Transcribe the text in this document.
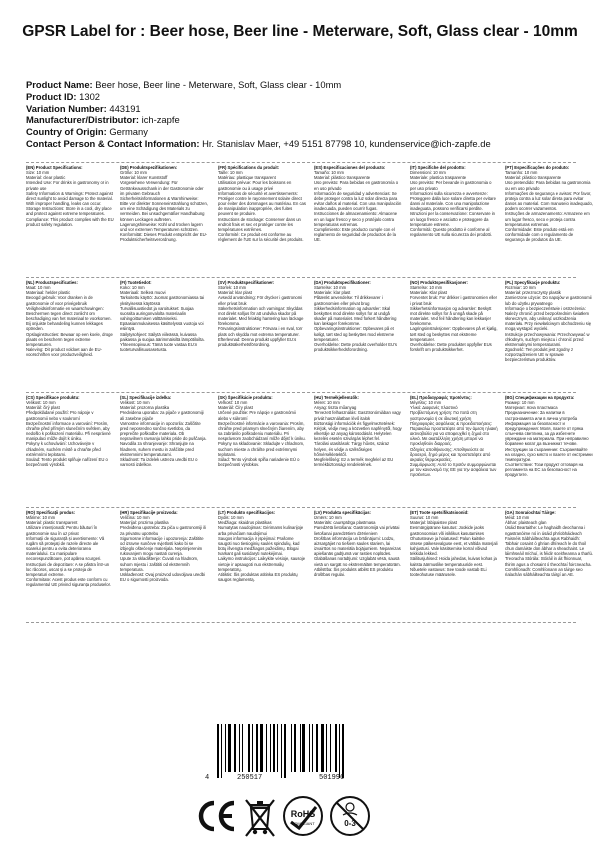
GPSR Label for : Beer hose, Beer line - Meterware, Soft, Glass clear - 10mm
Product Name: Beer hose, Beer line - Meterware, Soft, Glass clear - 10mm
Product ID: 1302
Variation Number: 443191
Manufacturer/Distributor: ich-zapfe
Country of Origin: Germany
Contact Person & Contact Information: Hr. Stanislav Maer, +49 5151 87798 10, kundenservice@ich-zapfe.de
(EN) Product Specifications:
Size: 10 mm
Material: clear plastic
Intended Use: For drinks in gastronomy or in private use
Safety Information & Warnings: Protect against direct sunlight to avoid damage to the material. With improper handling, leaks can occur.
Storage Instructions: Store in a cool, dry place and protect against extreme temperatures.
Compliance: This product complies with the EU product safety regulation.
(DE) Produktspezifikationen:
Größe: 10 mm
Material: klarer Kunststoff
Vorgesehene Verwendung: Für Getränkeausschank in der Gastronomie oder im privaten Gebrauch
Sicherheitsinformationen & Warnhinweise: Bitte vor direkter Sonneneinstrahlung schützen, um eine Schädigung des Materials zu vermeiden. Bei unsachgemäßer Handhabung können Leckagen auftreten.
Lagerungshinweise: Kühl und trocken lagern und vor extremen Temperaturen schützen.
Konformität: Dieses Produkt entspricht der EU-Produktsicherheitsverordnung.
(FR) Spécifications du produit:
Taille: 10 mm
Matériau: plastique transparent
Utilisation prévue: Pour les boissons en gastronomie ou à usage privé
Informations de sécurité et avertissements: Protéger contre le rayonnement solaire direct pour éviter des dommages au matériau. En cas de manipulation inappropriée, des fuites peuvent se produire.
Instructions de stockage: Conserver dans un endroit frais et sec et protéger contre les températures extrêmes.
Conformité: Ce produit est conforme au règlement de l'UE sur la sécurité des produits.
(ES) Especificaciones del producto:
Tamaño: 10 mm
Material: plástico transparente
Uso previsto: Para bebidas en gastronomía o en uso privado
Información de seguridad y advertencias: Se debe proteger contra la luz solar directa para evitar daños al material. Con una manipulación inadecuada, pueden ocurrir fugas.
Instrucciones de almacenamiento: Almacene en un lugar fresco y seco y protéjalo contra temperaturas extremas.
Cumplimiento: Este producto cumple con el reglamento de seguridad de productos de la UE.
(IT) Specifiche del prodotto:
Dimensioni: 10 mm
Materiale: plastica trasparente
Uso previsto: Per bevande in gastronomia o per uso privato
Informazioni sulla sicurezza e avvertenze: Proteggere dalla luce solare diretta per evitare danni al materiale. Con una manipolazione inadeguata, possono verificarsi perdite.
Istruzioni per la conservazione: Conservare in un luogo fresco e asciutto e proteggere da temperature estreme.
Conformità: Questo prodotto è conforme al regolamento UE sulla sicurezza dei prodotti.
(PT) Especificações do produto:
Tamanho: 10 mm
Material: plástico transparente
Uso pretendido: Para bebidas na gastronomia ou em uso privado
Informações de segurança e avisos: Por favor, proteja contra a luz solar direta para evitar danos ao material. Com manuseio inadequado, podem ocorrer vazamentos.
Instruções de armazenamento: Armazene em um lugar fresco, seco e proteja contra temperaturas extremas.
Conformidade: Este produto está em conformidade com o regulamento de segurança de produtos da UE.
(NL) Productspecificaties:
Maat: 10 mm
Materiaal: helder plastic
Beoogd gebruik: Voor dranken in de gastronomie of voor privégebruik
Veiligheidsinformatie en waarschuwingen: Beschermen tegen direct zonlicht om beschadiging van het materiaal te voorkomen. Bij onjuiste behandeling kunnen lekkages optreden.
Opslaginstructies: Bewaar op een koele, droge plaats en bescherm tegen extreme temperaturen.
Naleving: Dit product voldoet aan de EU-voorschriften voor productveiligheid.
(FI) Tuotetiedot:
Koko: 10 mm
Materiaali: Selkeä muovi
Tarkoitettu käyttö: Juomat gastronomiassa tai yksityisessä käytössä
Turvallisuustiedot ja varoitukset: Suojaa suoralta auringonvalolta materiaalin vahingoittumisen välttämiseksi. Epäasianmukaisessa käsittelyssä vuotoja voi esiintyä.
Säilytysohjeet: Säilytä viileässä, kuivassa paikassa ja suojaa äärimmäisiltä lämpötiloilta.
Yhteensopivuus: Tämä tuote vastaa EU:n tuoteturvallisuusasetusta.
(SV) Produktspecifikationer:
Storlek: 10 mm
Material: klar plast
Avsedd användning: För drycker i gastronomi eller privat bruk
Säkerhetsinformation och varningar: Skyddas mot direkt solljus för att undvika skador på materialet. Med felaktig hantering kan läckage förekomma.
Förvaringsinstruktioner: Förvara i en sval, torr plats och skydda mot extrema temperaturer.
Efterlevnad: Denna produkt uppfyller EU:s produktsäkerhetsförordning.
(DA) Produktspecifikationer:
Størrelse: 10 mm
Materiale: klar plast
Påtænkt anvendelse: Til drikkevarer i gastronomien eller privat brug
Sikkerhedsinformation og advarsler: Skal beskyttes mod direkte sollys for at undgå skader på materialet. Med forkert håndtering kan lækager forekomme.
Opbevaringsinstruktioner: Opbevares på et køligt, tørt sted og beskyttes mod ekstreme temperaturer.
Overholdelse: Dette produkt overholder EU's produktsikkerhedsforordning.
(NO) Produktspesifikasjoner:
Størrelse: 10 mm
Materiale: Klar plast
Forventet bruk: For drikker i gastronomien eller i privat bruk
Sikkerhetsinformasjon og advarsler: Beskytt mot direkte sollys for å unngå skade på materialet. Ved feil håndtering kan lekkasjer forekomme.
Lagringsinstruksjoner: Oppbevares på et kjølig, tørt sted og beskyttes mot ekstreme temperaturer.
Overholdelse: Dette produktet oppfyller EUs forskrift om produktsikkerhet.
(PL) Specyfikacje produktu:
Rozmiar: 10 mm
Materiał: przezroczysty plastik
Zamierzone użycie: Do napojów w gastronomii lub do użytku prywatnego
Informacje o bezpieczeństwie i ostrzeżenia: Należy chronić przed bezpośrednim światłem słonecznym, aby uniknąć uszkodzenia materiału. Przy niewłaściwym obchodzeniu się mogą wystąpić wycieki.
Instrukcje przechowywania: Przechowywać w chłodnym, suchym miejscu i chronić przed ekstremalnymi temperaturami.
Zgodność: Ten produkt jest zgodny z rozporządzeniem UE w sprawie bezpieczeństwa produktów.
(CS) Specifikace produktu:
Velikost: 10 mm
Materiál: čirý plast
Předpokládané použití: Pro nápoje v gastronomii nebo v soukromí
Bezpečnostní informace a varování: Prosím, chraňte před přímým slunečním světlem, aby nedošlo k poškození materiálu. Při nesprávné manipulaci může dojít k úniku.
Pokyny k uchovávání: Uchovávejte v chladném, suchém místě a chraňte před extrémními teplotami.
Soulad: Tento produkt splňuje nařízení EU o bezpečnosti výrobků.
(SL) Specifikacije izdelka:
Velikost: 10 mm
Material: prozorna plastika
Predvidena uporaba: za pijače v gastronomiji ali zasebne pijače
Varnostne informacije in opozorila: Zaščitite pred neposredno sončno svetlobo, da preprečite poškodbe materiala. Ob nepravilnem ravnanju lahko pride do puščanja.
Navodila za shranjevanje: Shranjujte na hladnem, suhem mestu in zaščitite pred ekstremnimi temperaturami.
Skladnost: Ta izdelek ustreza uredbi EU o varnosti izdelkov.
(SK) Špecifikácie produktu:
Veľkosť: 10 mm
Materiál: Číry plast
Určené použitie: Pre nápoje v gastronómii alebo v súkromí
Bezpečnostné informácie a varovania: Prosím, chráňte pred priamym slnečným žiarením, aby sa zabránilo poškodeniu materiálu. Pri nesprávnom zaobchádzaní môže dôjsť k úniku.
Pokyny na skladovanie: Skladujte v chladnom, suchom mieste a chráňte pred extrémnymi teplotami.
Súlad: Tento výrobok spĺňa nariadenie EÚ o bezpečnosti výrobkov.
(HU) Termékjellemzők:
Méret: 10 mm
Anyag: tiszta műanyag
Tervezett felhasználás: Gasztronómiában vagy privát használatban lévő italok
Biztonsági információk és figyelmeztetések: Kérjük, védje meg a közvetlen napfénytől, hogy elkerülje az anyag károsodását. Helytelen kezelés esetén szivárgás léphet fel.
Tárolási utasítások: Tárgy hűvös, száraz helyen, és védje a szélsőséges hőmérsékletektől.
Megfelelőség: Ez a termék megfelel az EU termékbiztonsági rendeletének.
(EL) Προδιαγραφές προϊόντος:
Μέγεθος: 10 mm
Υλικό: Διαφανές πλαστικό
Προβλεπόμενη χρήση: Για ποτά στη γαστρονομία ή σε ιδιωτική χρήση
Πληροφορίες ασφάλειας & προειδοποιήσεις: Παρακαλώ προστατέψτε από την άμεση ηλιακή ακτινοβολία για να αποφευχθεί η ζημιά στο υλικό. Με ακατάλληλη χρήση μπορεί να προκληθούν διαρροές.
Οδηγίες αποθήκευσης: Αποθηκεύστε σε δροσερό, ξηρό μέρος και προστατέψτε από ακραίες θερμοκρασίες.
Συμμόρφωση: Αυτό το προϊόν συμμορφώνεται με τον κανονισμό της ΕΕ για την ασφάλεια των προϊόντων.
(BG) Спецификации на продукта:
Размер: 10 mm
Материал: ясна пластмаса
Предназначение: За напитки в гастрономията или в лична употреба
Информация за безопасност и предупреждения: Моля, пазете от пряка слънчева светлина, за да избегнете увреждане на материала. При неправилно боравене могат да възникнат течове.
Инструкции за съхранение: Съхранявайте на хладно, сухо място и пазете от екстремни температури.
Съответствие: Този продукт отговаря на регламента на ЕС за безопасност на продуктите.
(RO) Specificații produs:
Mărime: 10 mm
Material: plastic transparent
Utilizare intenționată: Pentru băuturi în gastronomie sau în uz privat
Informații de siguranță și avertismente: Vă rugăm să protejați de razele directe ale soarelui pentru a evita deteriorarea materialului. Cu manipulare necorespunzătoare, pot apărea scurgeri.
Instrucțiuni de depozitare: A se păstra într-un loc răcoros, uscat și a se proteja de temperaturi extreme.
Conformitate: Acest produs este conform cu regulamentul UE privind siguranța produselor.
(HR) Specifikacije proizvoda:
Veličina: 10 mm
Materijal: prozirna plastika
Predviđena upotreba: Za pića u gastronomiji ili za privatnu upotrebu
Sigurnosne informacije i upozorenja: Zaštitite od izravne sunčeve svjetlosti kako bi se izbjeglo oštećenje materijala. Neprimjerenim rukovanjem mogu nastati curenja.
Upute za skladištenje: Čuvati na hladnom, suhom mjestu i zaštititi od ekstremnih temperatura.
Usklađenost: Ovaj proizvod udovoljava uredbi EU o sigurnosti proizvoda.
(LT) Produkto specifikacijos:
Dydis: 10 mm
Medžiaga: skaidrus plastikas
Numatytas naudojimas: Gėrimams kulinarijoje arba privačiam naudojimui
Saugos informacija ir įspėjimai: Prašome saugoti nuo tiesioginių saulės spindulių, kad būtų išvengta medžiagos pažeidimų. Blogai tvarkant gali susidaryti nutekėjimai.
Laikymo instrukcijos: Laikykite vėsioje, sausoje vietoje ir apsaugoti nuo ekstremalių temperatūrų.
Atitiktis: Šis produktas atitinka ES produktų saugos reglamentą.
(LV) Produkta specifikācijas:
Izmērs: 10 mm
Materiāls: caurspīdīga plastmasa
Paredzētā lietošana: Gastronomijā vai privātai lietošanai paredzētiem dzērieniem
Drošības informācija un brīdinājumi: Lūdzu, aizsargājiet no tiešiem saules stariem, lai izvairītos no materiāla bojājumiem. Nepareizas apiešanās gadījumā var rasties noplūdes.
Glabāšanas norādījumi: Uzglabāt vēsā, sausā vietā un sargāt no ekstremālām temperatūrām.
Atbilstība: Šis produkts atbilst ES produktu drošības regulai.
(ET) Toote spetsifikatsioonid:
Suurus: 10 mm
Materjal: läbipaistev plast
Eesmärgipärane kasutus: Jookide jaoks gastronoomias või isiklikus kasutamises
Ohutusteave ja hoiatused: Palun kaitske otsese päikesevalguse eest, et vältida materjali kahjustusi. Vale käsitsemise korral võivad tekkida lekked.
Säilitusjuhised: Hoida jahedas, kuivas kohas ja kaitsta äärmuslike temperatuuride eest.
Nõuetele vastavus: See toode vastab ELi tooteohutuse määrusele.
(GA) Sonraíochtaí Táirge:
Méid: 10 mm
Ábhar: plaisteach glan
Úsáid Beartaithe: Le haghaidh deochanna i ngastranóime nó in úsáid phríobháideach
Faisnéis Sábháilteachta agus Rabhaidh: Tabhair cosaint ó ghrian dhíreach le do thoil chun damáiste don ábhar a sheachaint. Le láimhseáil míchuí, is féidir sceitheanna a tharlú.
Treoracha Stórála: Stóráil in áit fhionnuar, thirim agus a chosaint ó theochtaí foircneacha.
Comhlíonadh: Comhlíonann an táirge seo rialachán sábháilteachta táirgí an AE.
4	250517	501996
RoHS
COMPLIANT	0-3
